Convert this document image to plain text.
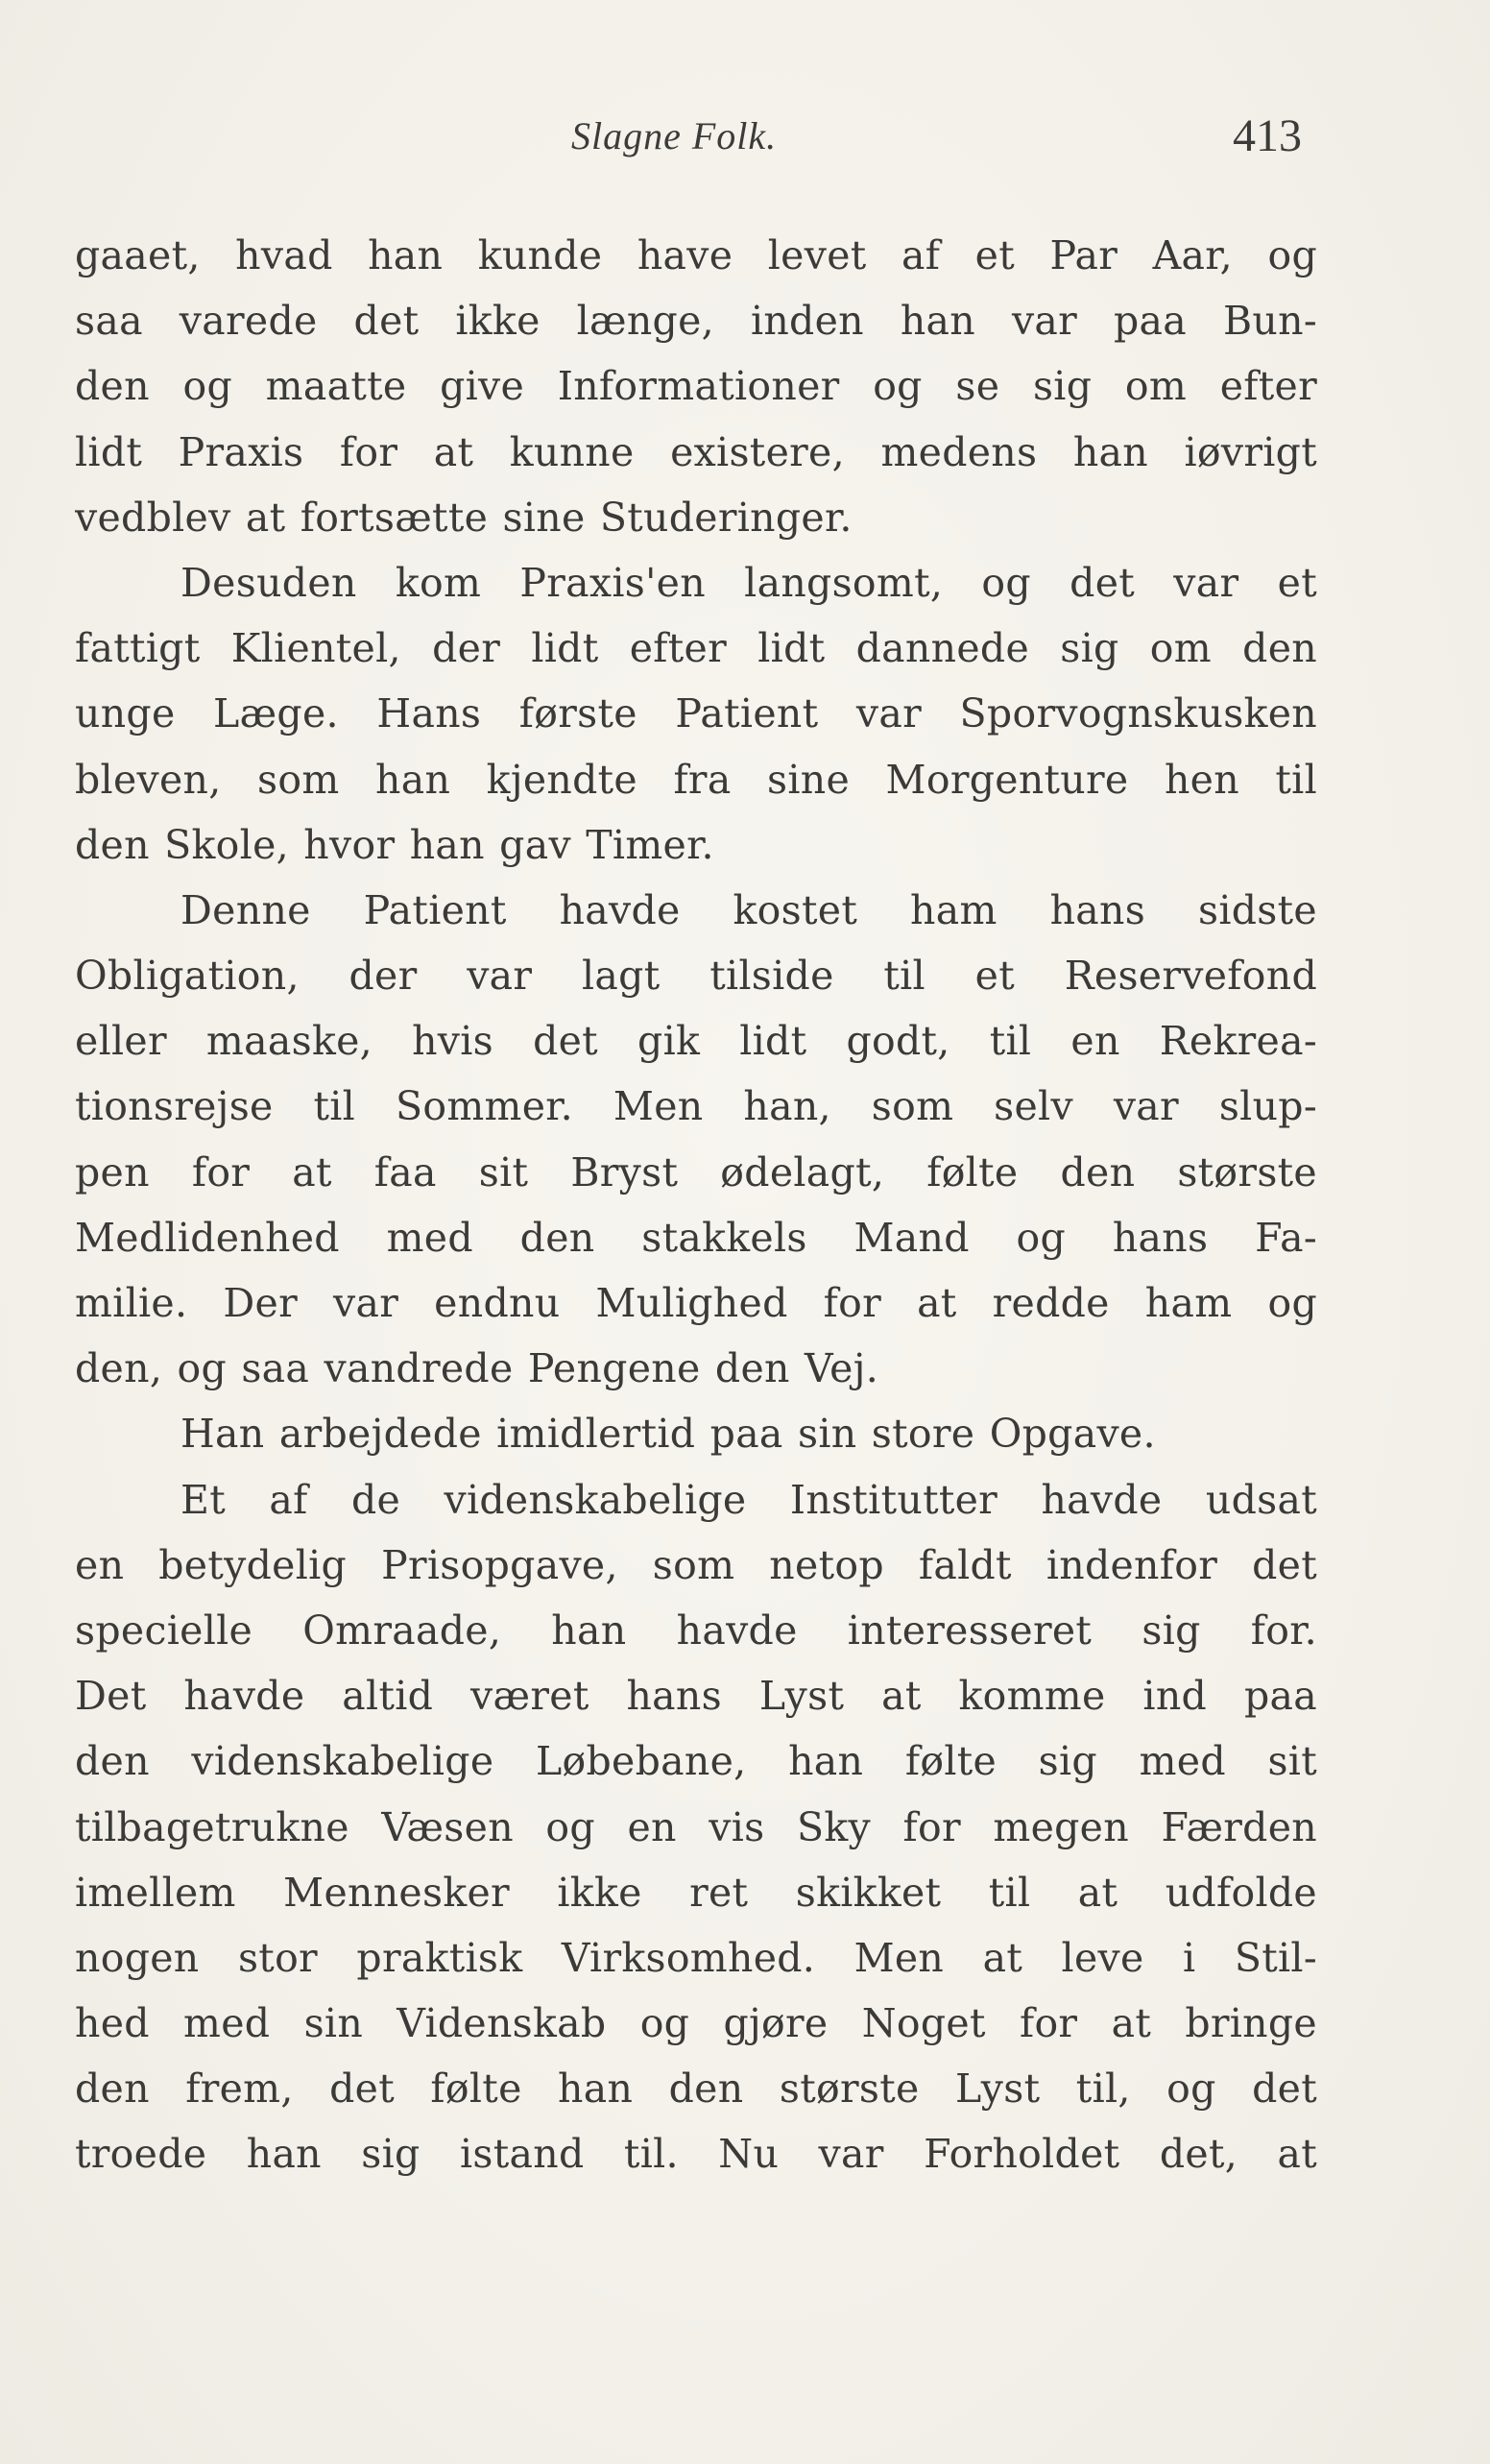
Slagne Folk.	413
gaaet, hvad han kunde have levet af et Par Aar, og
saa varede det ikke længe, inden han var paa Bun-
den og maatte give Informationer og se sig om efter
lidt Praxis for at kunne existere, medens han iøvrigt
vedblev at fortsætte sine Studeringer.
Desuden kom Praxis'en langsomt, og det var et
fattigt Klientel, der lidt efter lidt dannede sig om den
unge Læge. Hans første Patient var Sporvognskusken
bleven, som han kjendte fra sine Morgenture hen til
den Skole, hvor han gav Timer.
Denne Patient havde kostet ham hans sidste
Obligation, der var lagt tilside til et Reservefond
eller maaske, hvis det gik lidt godt, til en Rekrea-
tionsrejse til Sommer. Men han, som selv var slup-
pen for at faa sit Bryst ødelagt, følte den største
Medlidenhed med den stakkels Mand og hans Fa-
milie. Der var endnu Mulighed for at redde ham og
den, og saa vandrede Pengene den Vej.
Han arbejdede imidlertid paa sin store Opgave.
Et af de videnskabelige Institutter havde udsat
en betydelig Prisopgave, som netop faldt indenfor det
specielle Omraade, han havde interesseret sig for.
Det havde altid været hans Lyst at komme ind paa
den videnskabelige Løbebane, han følte sig med sit
tilbagetrukne Væsen og en vis Sky for megen Færden
imellem Mennesker ikke ret skikket til at udfolde
nogen stor praktisk Virksomhed. Men at leve i Stil-
hed med sin Videnskab og gjøre Noget for at bringe
den frem, det følte han den største Lyst til, og det
troede han sig istand til. Nu var Forholdet det, at
